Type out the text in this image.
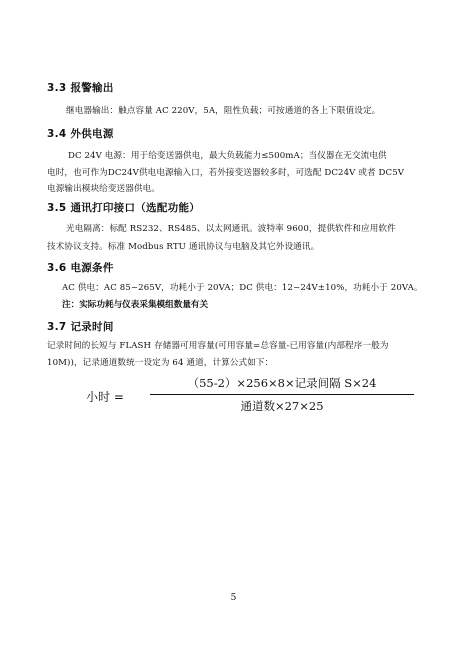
3.3 报警输出
继电器输出：触点容量 AC 220V，5A，阻性负载；可按通道的各上下限值设定。
3.4 外供电源
DC 24V 电源：用于给变送器供电，最大负载能力≤500mA；当仪器在无交流电供
电时，也可作为DC24V供电电源输入口，若外接变送器较多时，可选配 DC24V 或者 DC5V
电源输出模块给变送器供电。
3.5 通讯打印接口（选配功能）
光电隔离：标配 RS232、RS485、以太网通讯。波特率 9600，提供软件和应用软件
技术协议支持。标准 Modbus RTU 通讯协议与电脑及其它外设通讯。
3.6 电源条件
AC 供电：AC 85~265V，功耗小于 20VA；DC 供电：12~24V±10%，功耗小于 20VA。
注：实际功耗与仪表采集模组数量有关
3.7 记录时间
记录时间的长短与 FLASH 存储器可用容量(可用容量=总容量-已用容量(内部程序一般为
10M))，记录通道数统一设定为 64 通道，计算公式如下：
小时 =
（55-2）×256×8×记录间隔 S×24
通道数×27×25
5
